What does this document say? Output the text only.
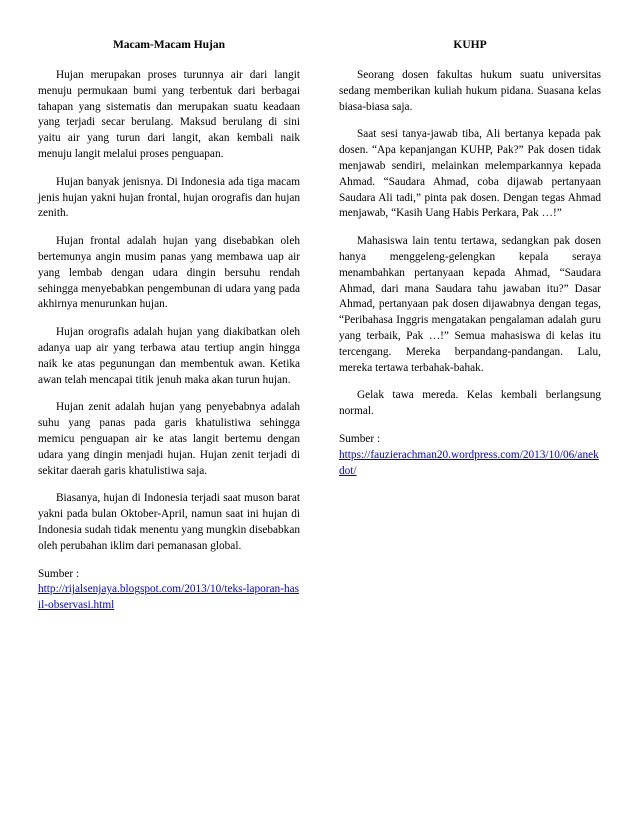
Macam-Macam Hujan

Hujan merupakan proses turunnya air dari langit menuju permukaan bumi yang terbentuk dari berbagai tahapan yang sistematis dan merupakan suatu keadaan yang terjadi secar berulang. Maksud berulang di sini yaitu air yang turun dari langit, akan kembali naik menuju langit melalui proses penguapan.

Hujan banyak jenisnya. Di Indonesia ada tiga macam jenis hujan yakni hujan frontal, hujan orografis dan hujan zenith.

Hujan frontal adalah hujan yang disebabkan oleh bertemunya angin musim panas yang membawa uap air yang lembab dengan udara dingin bersuhu rendah sehingga menyebabkan pengembunan di udara yang pada akhirnya menurunkan hujan.

Hujan orografis adalah hujan yang diakibatkan oleh adanya uap air yang terbawa atau tertiup angin hingga naik ke atas pegunungan dan membentuk awan. Ketika awan telah mencapai titik jenuh maka akan turun hujan.

Hujan zenit adalah hujan yang penyebabnya adalah suhu yang panas pada garis khatulistiwa sehingga memicu penguapan air ke atas langit bertemu dengan udara yang dingin menjadi hujan. Hujan zenit terjadi di sekitar daerah garis khatulistiwa saja.

Biasanya, hujan di Indonesia terjadi saat muson barat yakni pada bulan Oktober-April, namun saat ini hujan di Indonesia sudah tidak menentu yang mungkin disebabkan oleh perubahan iklim dari pemanasan global.

Sumber :
http://rijalsenjaya.blogspot.com/2013/10/teks-laporan-hasil-observasi.html
KUHP

Seorang dosen fakultas hukum suatu universitas sedang memberikan kuliah hukum pidana. Suasana kelas biasa-biasa saja.

Saat sesi tanya-jawab tiba, Ali bertanya kepada pak dosen. “Apa kepanjangan KUHP, Pak?” Pak dosen tidak menjawab sendiri, melainkan melemparkannya kepada Ahmad. “Saudara Ahmad, coba dijawab pertanyaan Saudara Ali tadi,” pinta pak dosen. Dengan tegas Ahmad menjawab, “Kasih Uang Habis Perkara, Pak …!”

Mahasiswa lain tentu tertawa, sedangkan pak dosen hanya menggeleng-gelengkan kepala seraya menambahkan pertanyaan kepada Ahmad, “Saudara Ahmad, dari mana Saudara tahu jawaban itu?” Dasar Ahmad, pertanyaan pak dosen dijawabnya dengan tegas, “Peribahasa Inggris mengatakan pengalaman adalah guru yang terbaik, Pak …!” Semua mahasiswa di kelas itu tercengang. Mereka berpandang-pandangan. Lalu, mereka tertawa terbahak-bahak.

Gelak tawa mereda. Kelas kembali berlangsung normal.

Sumber :
https://fauzierachman20.wordpress.com/2013/10/06/anekdot/
